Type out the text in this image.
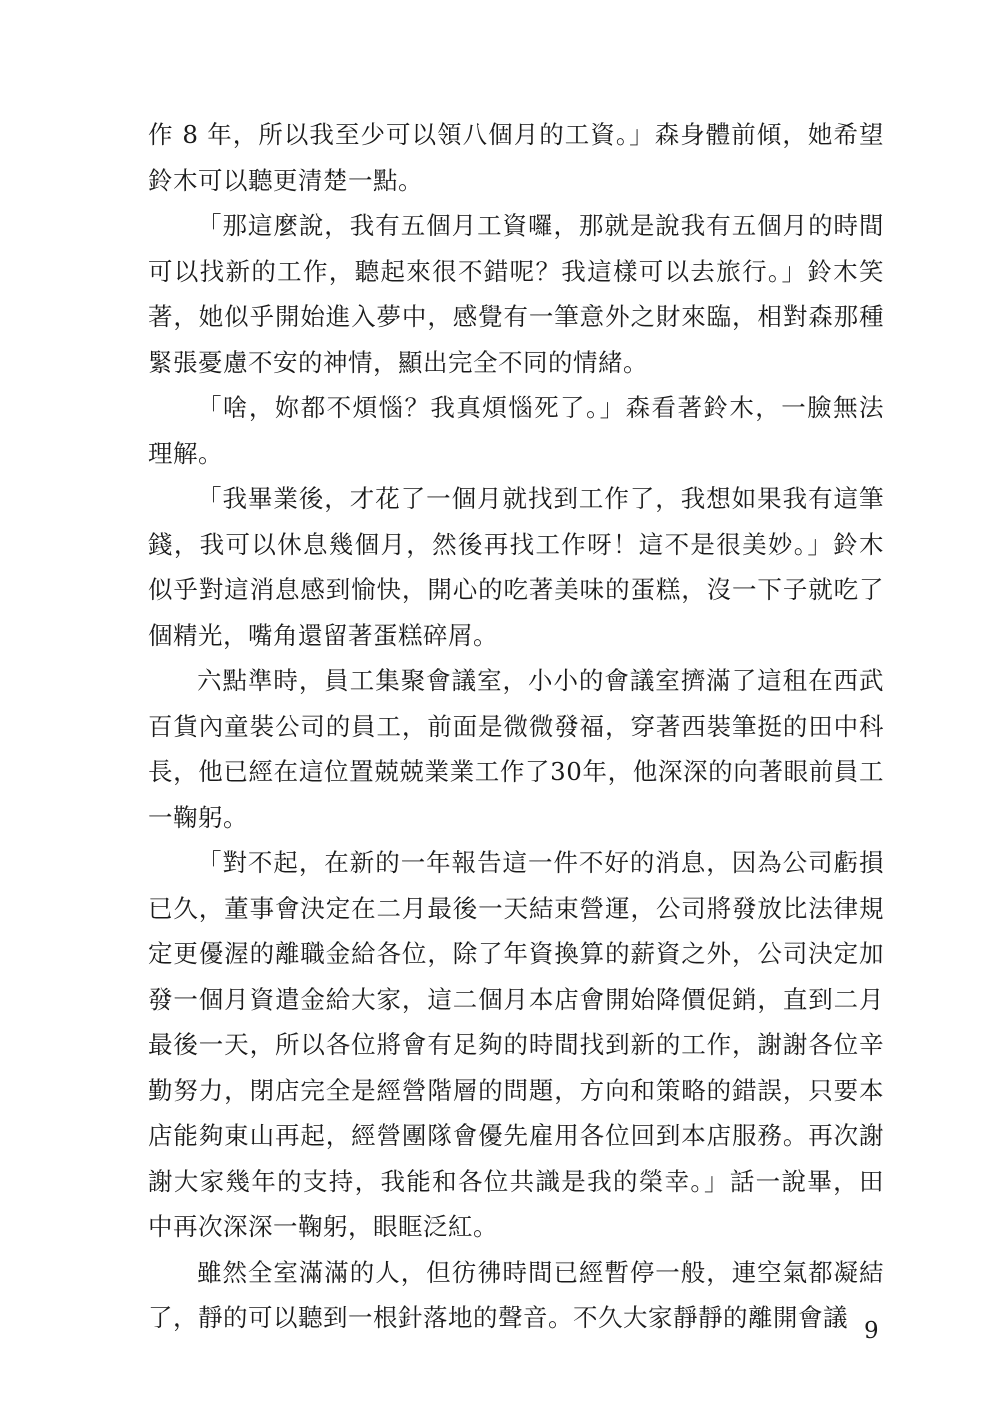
作 8 年，所以我至少可以領八個月的工資。」森身體前傾，她希望鈴木可以聽更清楚一點。

「那這麼說，我有五個月工資囉，那就是說我有五個月的時間可以找新的工作，聽起來很不錯呢？我這樣可以去旅行。」鈴木笑著，她似乎開始進入夢中，感覺有一筆意外之財來臨，相對森那種緊張憂慮不安的神情，顯出完全不同的情緒。

「啥，妳都不煩惱？我真煩惱死了。」森看著鈴木，一臉無法理解。

「我畢業後，才花了一個月就找到工作了，我想如果我有這筆錢，我可以休息幾個月，然後再找工作呀！這不是很美妙。」鈴木似乎對這消息感到愉快，開心的吃著美味的蛋糕，沒一下子就吃了個精光，嘴角還留著蛋糕碎屑。

六點準時，員工集聚會議室，小小的會議室擠滿了這租在西武百貨內童裝公司的員工，前面是微微發福，穿著西裝筆挺的田中科長，他已經在這位置兢兢業業工作了30年，他深深的向著眼前員工一鞠躬。

「對不起，在新的一年報告這一件不好的消息，因為公司虧損已久，董事會決定在二月最後一天結束營運，公司將發放比法律規定更優渥的離職金給各位，除了年資換算的薪資之外，公司決定加發一個月資遣金給大家，這二個月本店會開始降價促銷，直到二月最後一天，所以各位將會有足夠的時間找到新的工作，謝謝各位辛勤努力，閉店完全是經營階層的問題，方向和策略的錯誤，只要本店能夠東山再起，經營團隊會優先雇用各位回到本店服務。再次謝謝大家幾年的支持，我能和各位共識是我的榮幸。」話一說畢，田中再次深深一鞠躬，眼眶泛紅。

雖然全室滿滿的人，但彷彿時間已經暫停一般，連空氣都凝結了，靜的可以聽到一根針落地的聲音。不久大家靜靜的離開會議 9
